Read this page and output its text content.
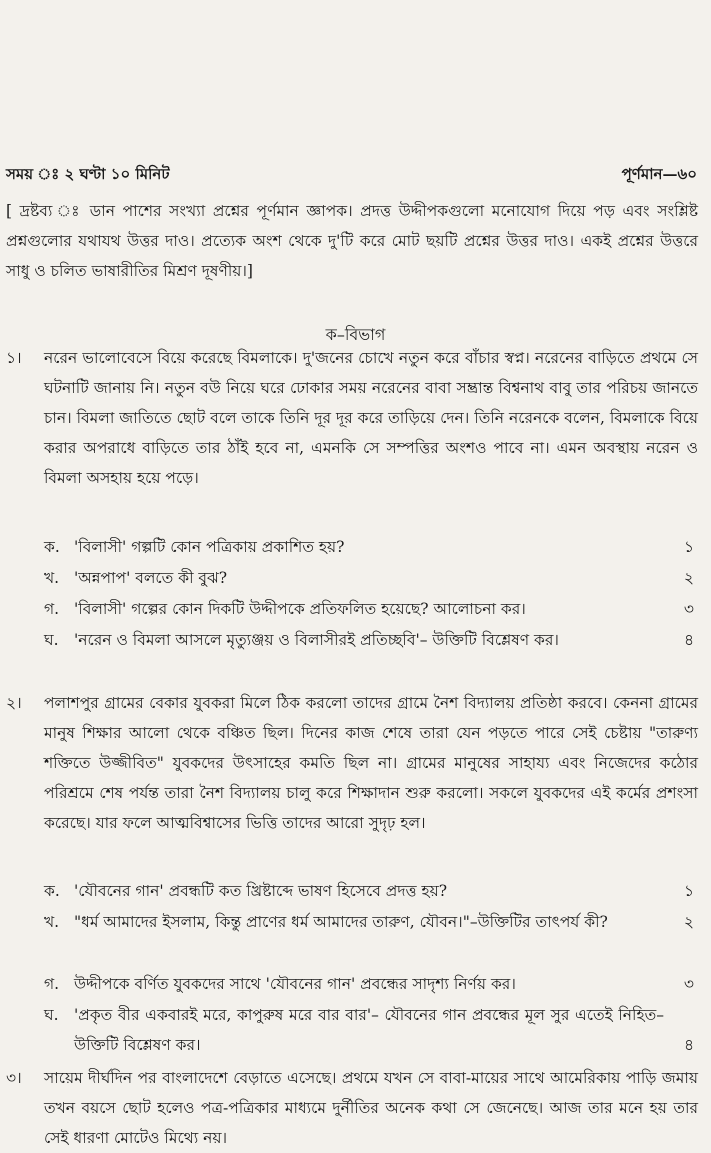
সময় ঃ ২ ঘণ্টা ১০ মিনিট	পূর্ণমান—৬০
[ দ্রষ্টব্য ঃ ডান পাশের সংখ্যা প্রশ্নের পূর্ণমান জ্ঞাপক। প্রদত্ত উদ্দীপকগুলো মনোযোগ দিয়ে পড় এবং সংশ্লিষ্ট প্রশ্নগুলোর যথাযথ উত্তর দাও। প্রত্যেক অংশ থেকে দু'টি করে মোট ছয়টি প্রশ্নের উত্তর দাও। একই প্রশ্নের উত্তরে সাধু ও চলিত ভাষারীতির মিশ্রণ দূষণীয়।]
ক–বিভাগ
১।	নরেন ভালোবেসে বিয়ে করেছে বিমলাকে। দু'জনের চোখে নতুন করে বাঁচার স্বপ্ন। নরেনের বাড়িতে প্রথমে সে ঘটনাটি জানায় নি। নতুন বউ নিয়ে ঘরে ঢোকার সময় নরেনের বাবা সম্ভ্রান্ত বিশ্বনাথ বাবু তার পরিচয় জানতে চান। বিমলা জাতিতে ছোট বলে তাকে তিনি দূর দূর করে তাড়িয়ে দেন। তিনি নরেনকে বলেন, বিমলাকে বিয়ে করার অপরাধে বাড়িতে তার ঠাঁই হবে না, এমনকি সে সম্পত্তির অংশও পাবে না। এমন অবস্থায় নরেন ও বিমলা অসহায় হয়ে পড়ে।
ক. 'বিলাসী' গল্পটি কোন পত্রিকায় প্রকাশিত হয়?	১
খ. 'অন্নপাপ' বলতে কী বুঝ?	২
গ. 'বিলাসী' গল্পের কোন দিকটি উদ্দীপকে প্রতিফলিত হয়েছে? আলোচনা কর।	৩
ঘ. 'নরেন ও বিমলা আসলে মৃত্যুঞ্জয় ও বিলাসীরই প্রতিচ্ছবি'– উক্তিটি বিশ্লেষণ কর।	৪
২।	পলাশপুর গ্রামের বেকার যুবকরা মিলে ঠিক করলো তাদের গ্রামে নৈশ বিদ্যালয় প্রতিষ্ঠা করবে। কেননা গ্রামের মানুষ শিক্ষার আলো থেকে বঞ্চিত ছিল। দিনের কাজ শেষে তারা যেন পড়তে পারে সেই চেষ্টায় "তারুণ্য শক্তিতে উজ্জীবিত" যুবকদের উৎসাহের কমতি ছিল না। গ্রামের মানুষের সাহায্য এবং নিজেদের কঠোর পরিশ্রমে শেষ পর্যন্ত তারা নৈশ বিদ্যালয় চালু করে শিক্ষাদান শুরু করলো। সকলে যুবকদের এই কর্মের প্রশংসা করেছে। যার ফলে আত্মবিশ্বাসের ভিত্তি তাদের আরো সুদৃঢ় হল।
ক. 'যৌবনের গান' প্রবন্ধটি কত খ্রিষ্টাব্দে ভাষণ হিসেবে প্রদত্ত হয়?	১
খ. "ধর্ম আমাদের ইসলাম, কিন্তু প্রাণের ধর্ম আমাদের তারুণ, যৌবন।"–উক্তিটির তাৎপর্য কী?	২
গ. উদ্দীপকে বর্ণিত যুবকদের সাথে 'যৌবনের গান' প্রবন্ধের সাদৃশ্য নির্ণয় কর।	৩
ঘ. 'প্রকৃত বীর একবারই মরে, কাপুরুষ মরে বার বার'– যৌবনের গান প্রবন্ধের মূল সুর এতেই নিহিত–উক্তিটি বিশ্লেষণ কর।	৪
৩।	সায়েম দীর্ঘদিন পর বাংলাদেশে বেড়াতে এসেছে। প্রথমে যখন সে বাবা-মায়ের সাথে আমেরিকায় পাড়ি জমায় তখন বয়সে ছোট হলেও পত্র-পত্রিকার মাধ্যমে দুর্নীতির অনেক কথা সে জেনেছে। আজ তার মনে হয় তার সেই ধারণা মোটেও মিথ্যে নয়।
